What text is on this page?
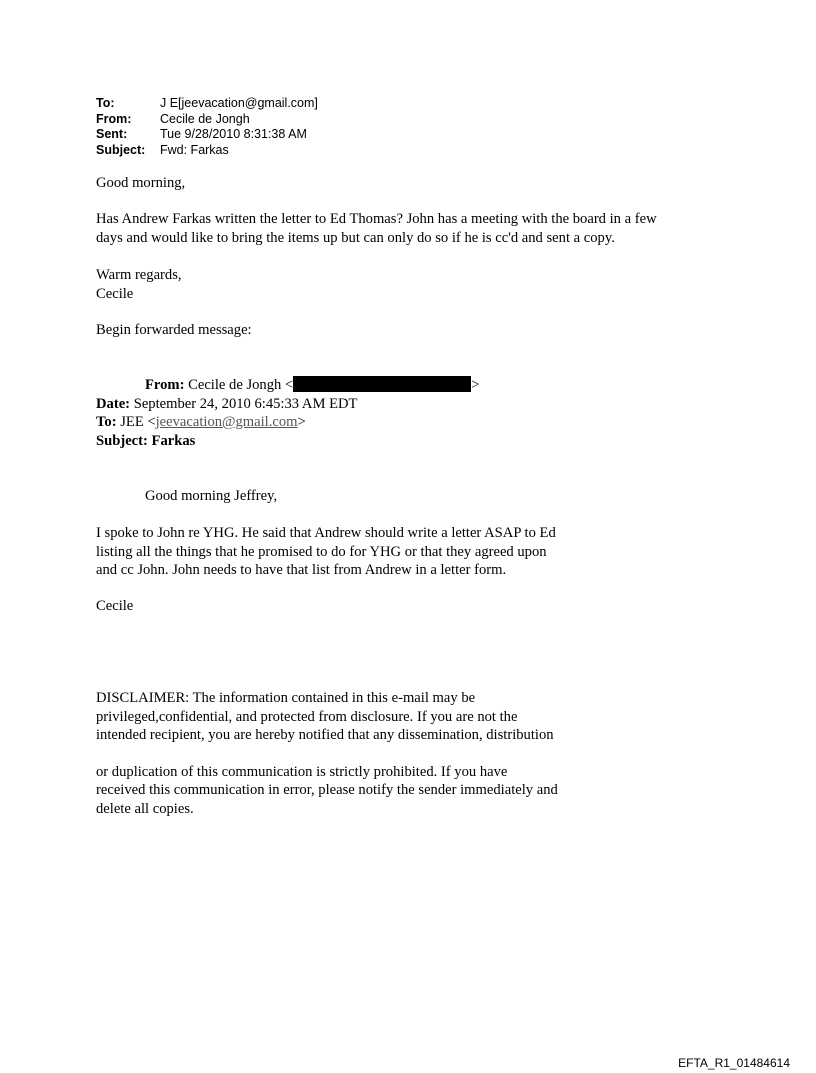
To:	J E[jeevacation@gmail.com]
From:	Cecile de Jongh
Sent:	Tue 9/28/2010 8:31:38 AM
Subject:	Fwd: Farkas
Good morning,
Has Andrew Farkas written the letter to Ed Thomas? John has a meeting with the board in a few
days and would like to bring the items up but can only do so if he is cc'd and sent a copy.
Warm regards,
Cecile
Begin forwarded message:
From: Cecile de Jongh <	>
Date: September 24, 2010 6:45:33 AM EDT
To: JEE <jeevacation@gmail.com>
Subject: Farkas
Good morning Jeffrey,
I spoke to John re YHG. He said that Andrew should write a letter ASAP to Ed
listing all the things that he promised to do for YHG or that they agreed upon
and cc John. John needs to have that list from Andrew in a letter form.
Cecile
DISCLAIMER: The information contained in this e-mail may be
privileged,confidential, and protected from disclosure. If you are not the
intended recipient, you are hereby notified that any dissemination, distribution
or duplication of this communication is strictly prohibited. If you have
received this communication in error, please notify the sender immediately and
delete all copies.
EFTA_R1_01484614
